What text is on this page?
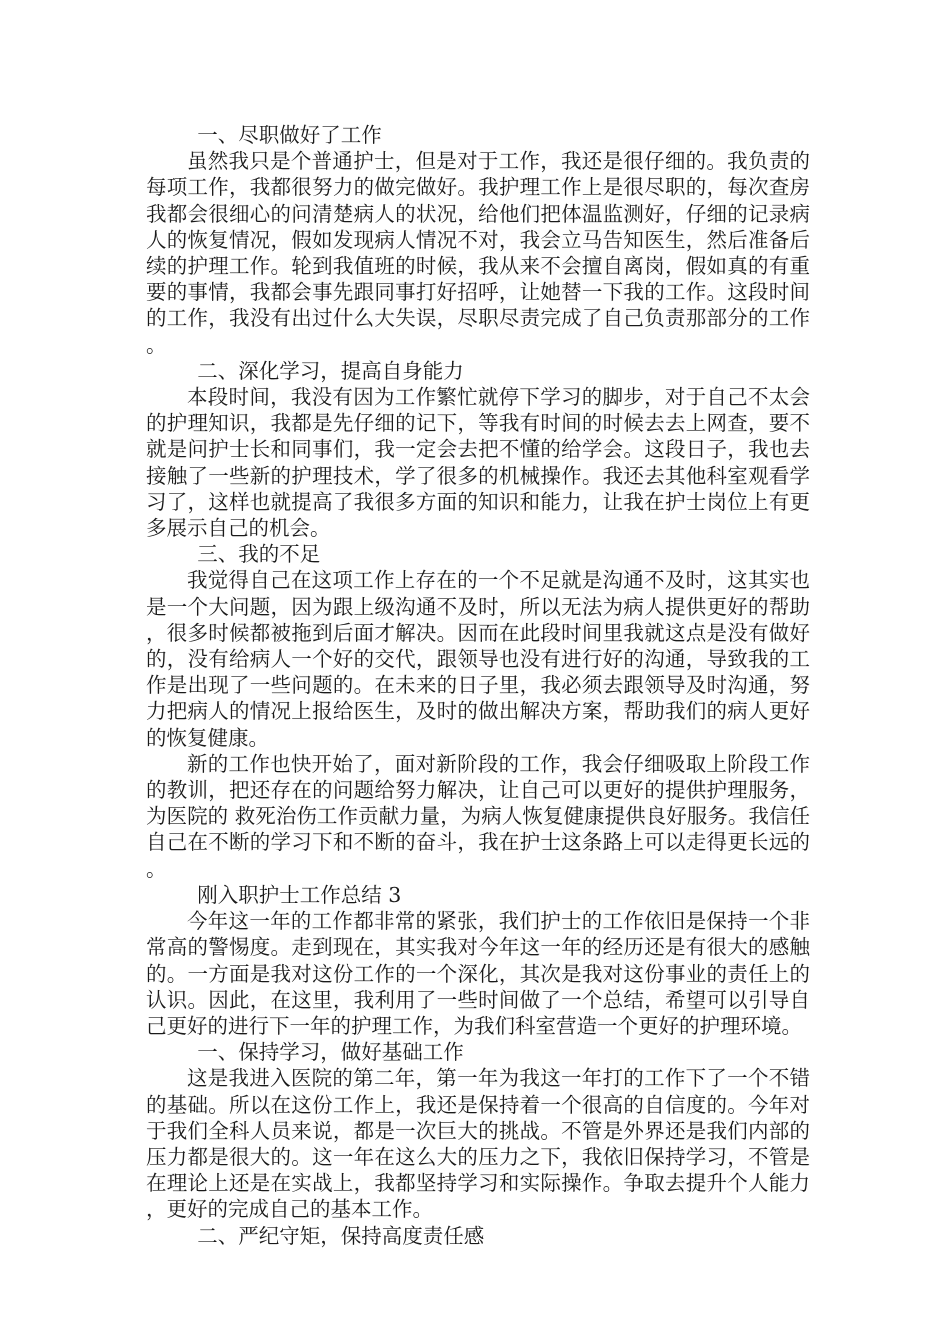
一、尽职做好了工作

虽然我只是个普通护士，但是对于工作，我还是很仔细的。我负责的每项工作，我都很努力的做完做好。我护理工作上是很尽职的，每次查房我都会很细心的问清楚病人的状况，给他们把体温监测好，仔细的记录病人的恢复情况，假如发现病人情况不对，我会立马告知医生，然后准备后续的护理工作。轮到我值班的时候，我从来不会擅自离岗，假如真的有重要的事情，我都会事先跟同事打好招呼，让她替一下我的工作。这段时间的工作，我没有出过什么大失误，尽职尽责完成了自己负责那部分的工作。

二、深化学习，提高自身能力

本段时间，我没有因为工作繁忙就停下学习的脚步，对于自己不太会的护理知识，我都是先仔细的记下，等我有时间的时候去去上网查，要不就是问护士长和同事们，我一定会去把不懂的给学会。这段日子，我也去接触了一些新的护理技术，学了很多的机械操作。我还去其他科室观看学习了，这样也就提高了我很多方面的知识和能力，让我在护士岗位上有更多展示自己的机会。

三、我的不足

我觉得自己在这项工作上存在的一个不足就是沟通不及时，这其实也是一个大问题，因为跟上级沟通不及时，所以无法为病人提供更好的帮助，很多时候都被拖到后面才解决。因而在此段时间里我就这点是没有做好的，没有给病人一个好的交代，跟领导也没有进行好的沟通，导致我的工作是出现了一些问题的。在未来的日子里，我必须去跟领导及时沟通，努力把病人的情况上报给医生，及时的做出解决方案，帮助我们的病人更好的恢复健康。

新的工作也快开始了，面对新阶段的工作，我会仔细吸取上阶段工作的教训，把还存在的问题给努力解决，让自己可以更好的提供护理服务，为医院的 救死治伤工作贡献力量，为病人恢复健康提供良好服务。我信任自己在不断的学习下和不断的奋斗，我在护士这条路上可以走得更长远的。

刚入职护士工作总结 3

今年这一年的工作都非常的紧张，我们护士的工作依旧是保持一个非常高的警惕度。走到现在，其实我对今年这一年的经历还是有很大的感触的。一方面是我对这份工作的一个深化，其次是我对这份事业的责任上的认识。因此，在这里，我利用了一些时间做了一个总结，希望可以引导自己更好的进行下一年的护理工作，为我们科室营造一个更好的护理环境。

一、保持学习，做好基础工作

这是我进入医院的第二年，第一年为我这一年打的工作下了一个不错的基础。所以在这份工作上，我还是保持着一个很高的自信度的。今年对于我们全科人员来说，都是一次巨大的挑战。不管是外界还是我们内部的压力都是很大的。这一年在这么大的压力之下，我依旧保持学习，不管是在理论上还是在实战上，我都坚持学习和实际操作。争取去提升个人能力，更好的完成自己的基本工作。

二、严纪守矩，保持高度责任感
